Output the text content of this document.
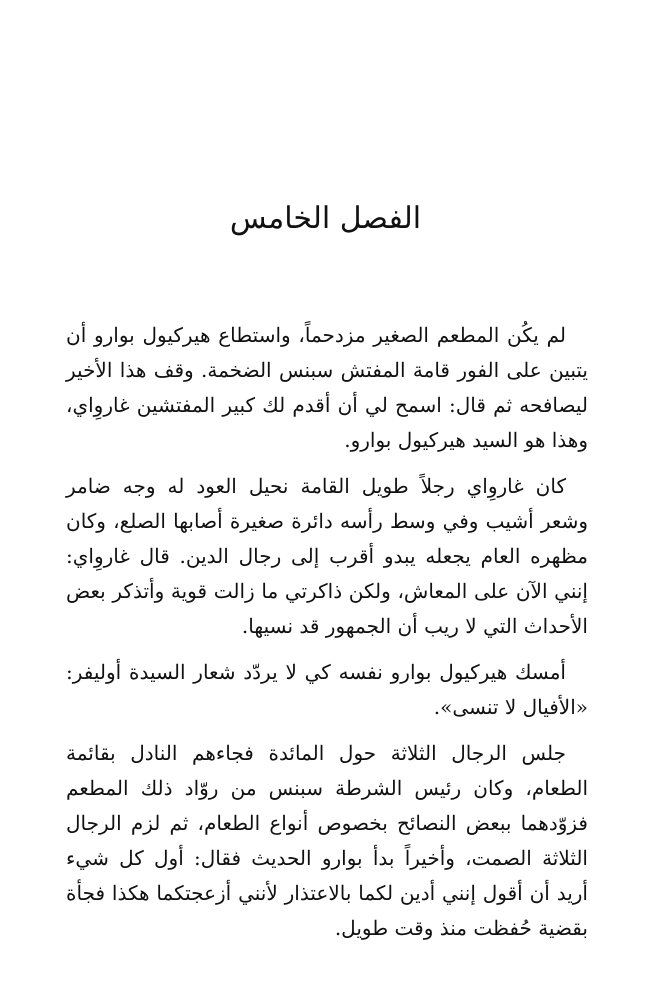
الفصل الخامس

لم يكُن المطعم الصغير مزدحماً، واستطاع هيركيول بوارو أن يتبين على الفور قامة المفتش سبنس الضخمة. وقف هذا الأخير ليصافحه ثم قال: اسمح لي أن أقدم لك كبير المفتشين غاروِاي، وهذا هو السيد هيركيول بوارو.

كان غاروِاي رجلاً طويل القامة نحيل العود له وجه ضامر وشعر أشيب وفي وسط رأسه دائرة صغيرة أصابها الصلع، وكان مظهره العام يجعله يبدو أقرب إلى رجال الدين. قال غاروِاي: إنني الآن على المعاش، ولكن ذاكرتي ما زالت قوية وأتذكر بعض الأحداث التي لا ريب أن الجمهور قد نسيها.

أمسك هيركيول بوارو نفسه كي لا يردّد شعار السيدة أوليفر: «الأفيال لا تنسى».

جلس الرجال الثلاثة حول المائدة فجاءهم النادل بقائمة الطعام، وكان رئيس الشرطة سبنس من روّاد ذلك المطعم فزوّدهما ببعض النصائح بخصوص أنواع الطعام، ثم لزم الرجال الثلاثة الصمت، وأخيراً بدأ بوارو الحديث فقال: أول كل شيء أريد أن أقول إنني أدين لكما بالاعتذار لأنني أزعجتكما هكذا فجأة بقضية حُفظت منذ وقت طويل.
